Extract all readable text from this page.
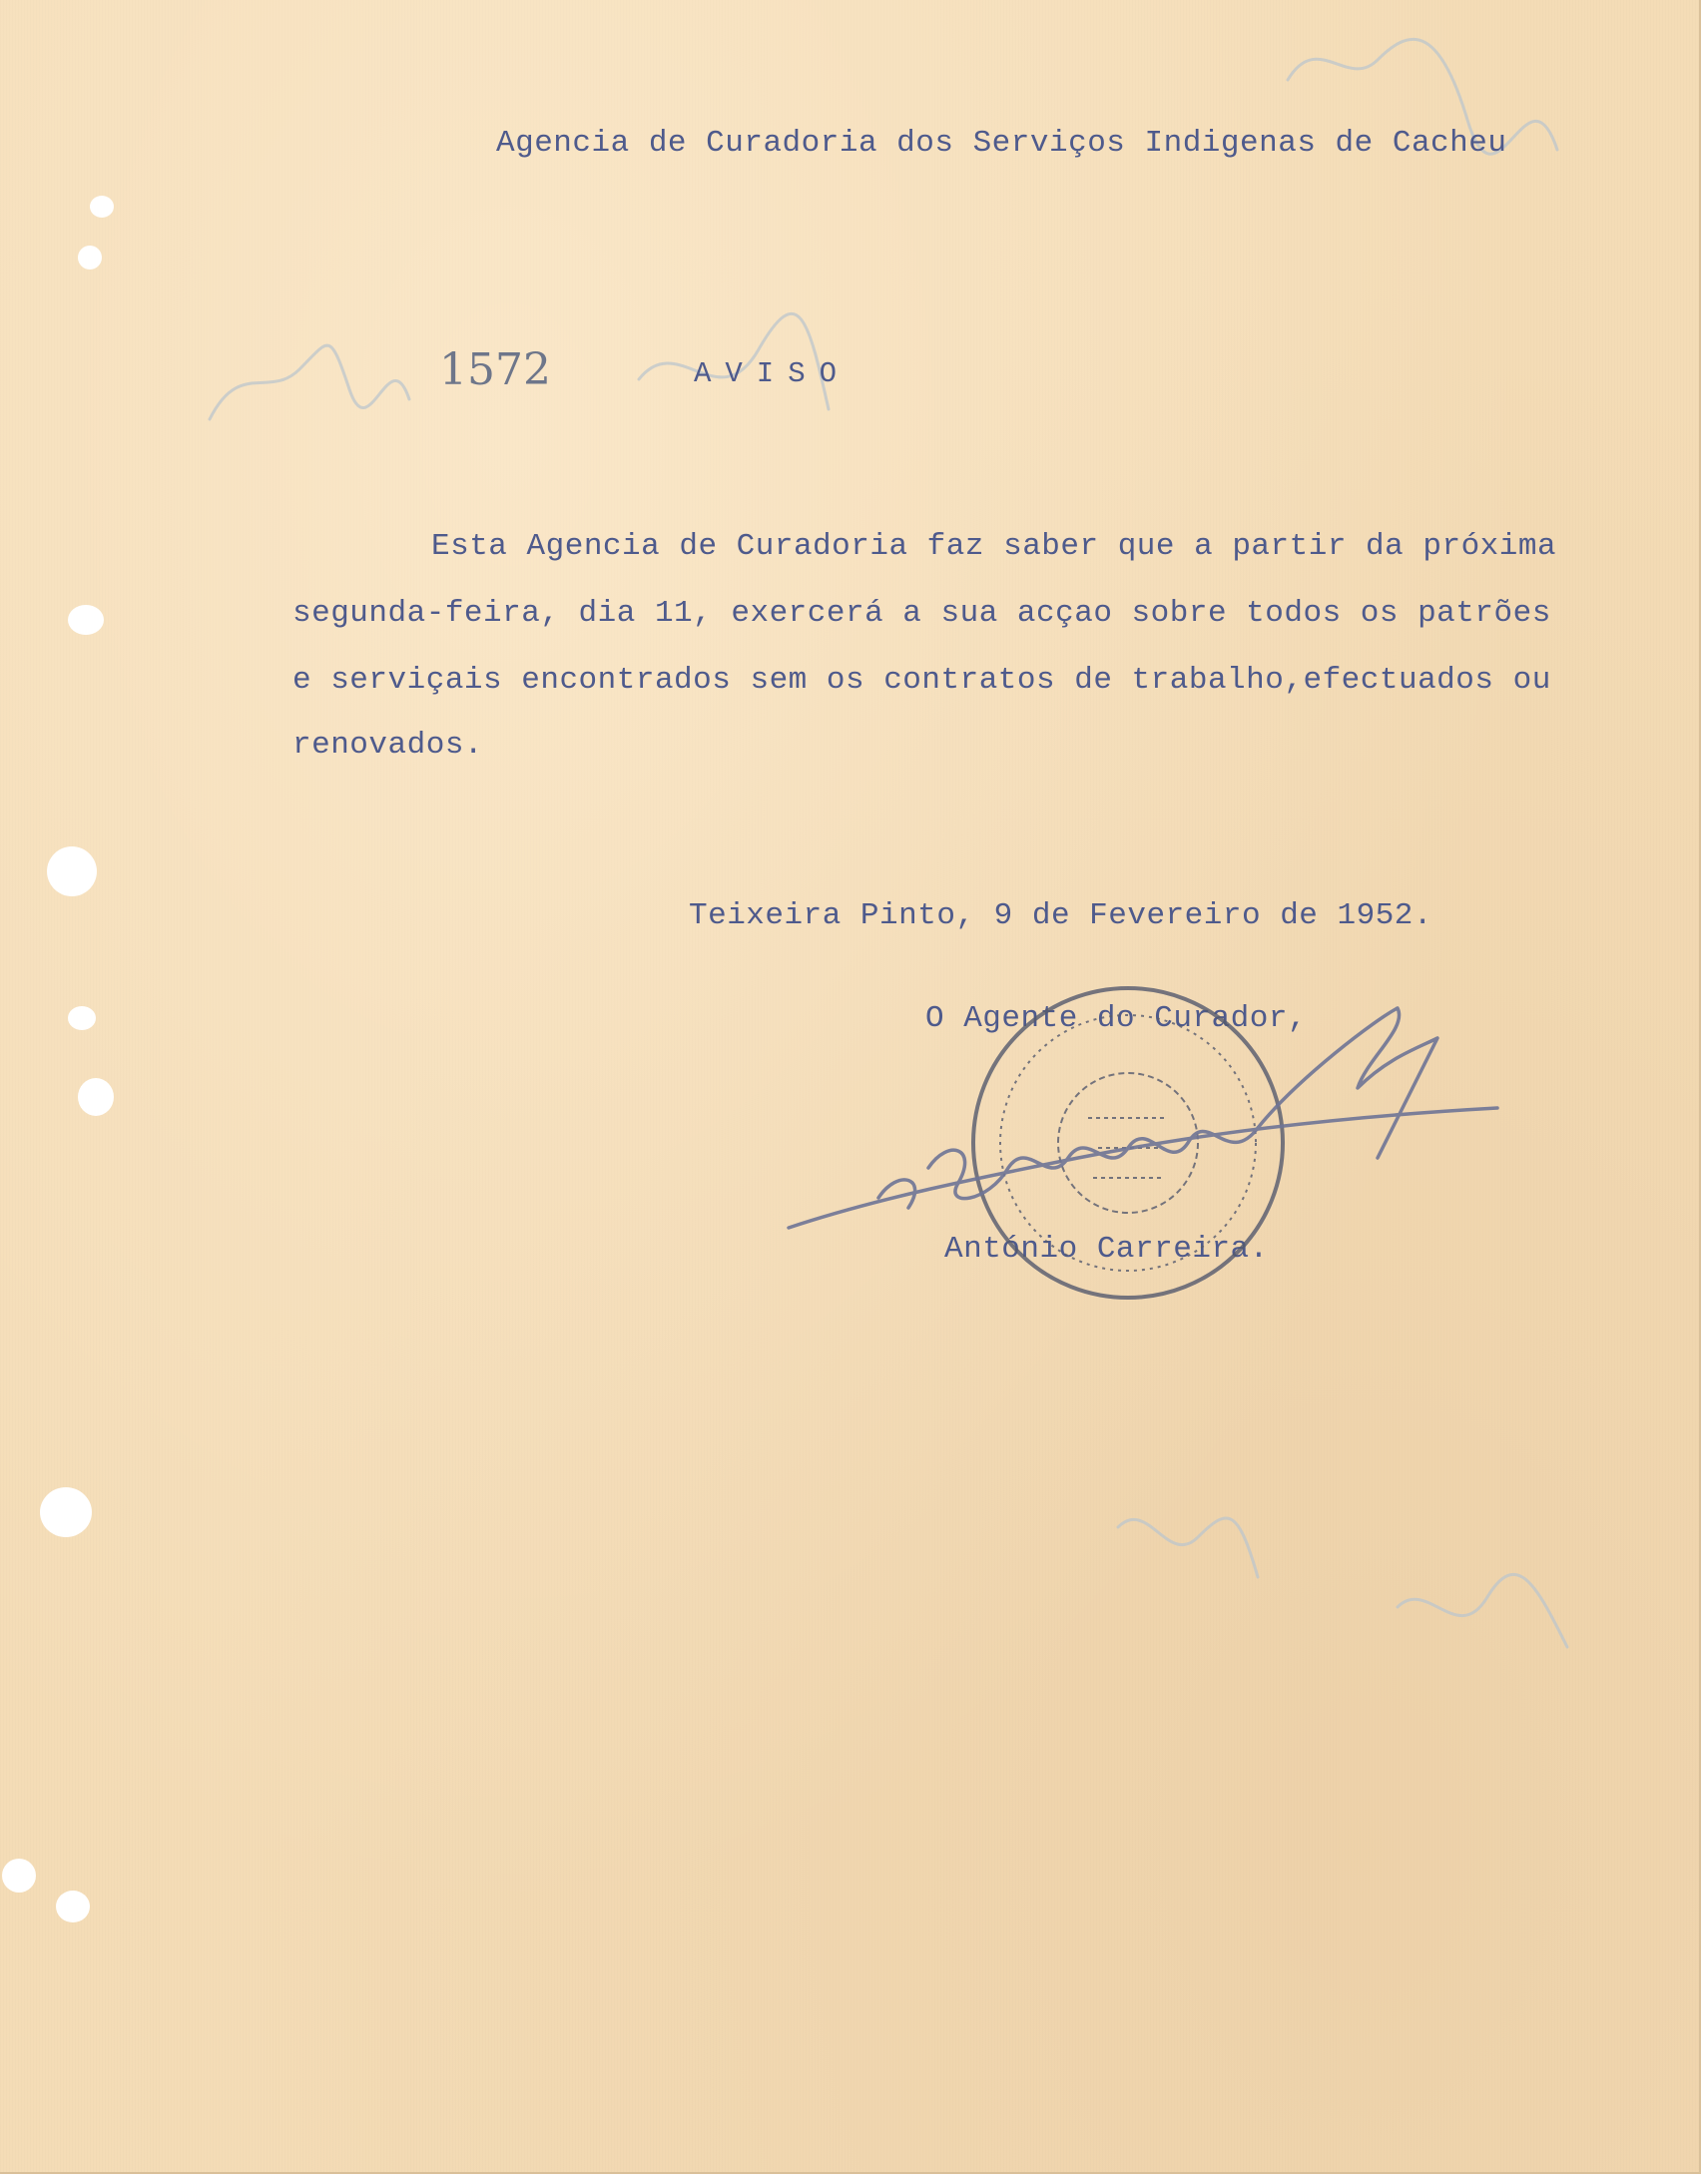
1572
Agencia de Curadoria dos Serviços Indigenas de Cacheu
AVISO
Esta Agencia de Curadoria faz saber que a partir da próxima
segunda-feira, dia 11, exercerá a sua acçao sobre todos os patrões
e serviçais encontrados sem os contratos de trabalho,efectuados ou
renovados.
Teixeira Pinto, 9 de Fevereiro de 1952.
O Agente do Curador,
António Carreira.
